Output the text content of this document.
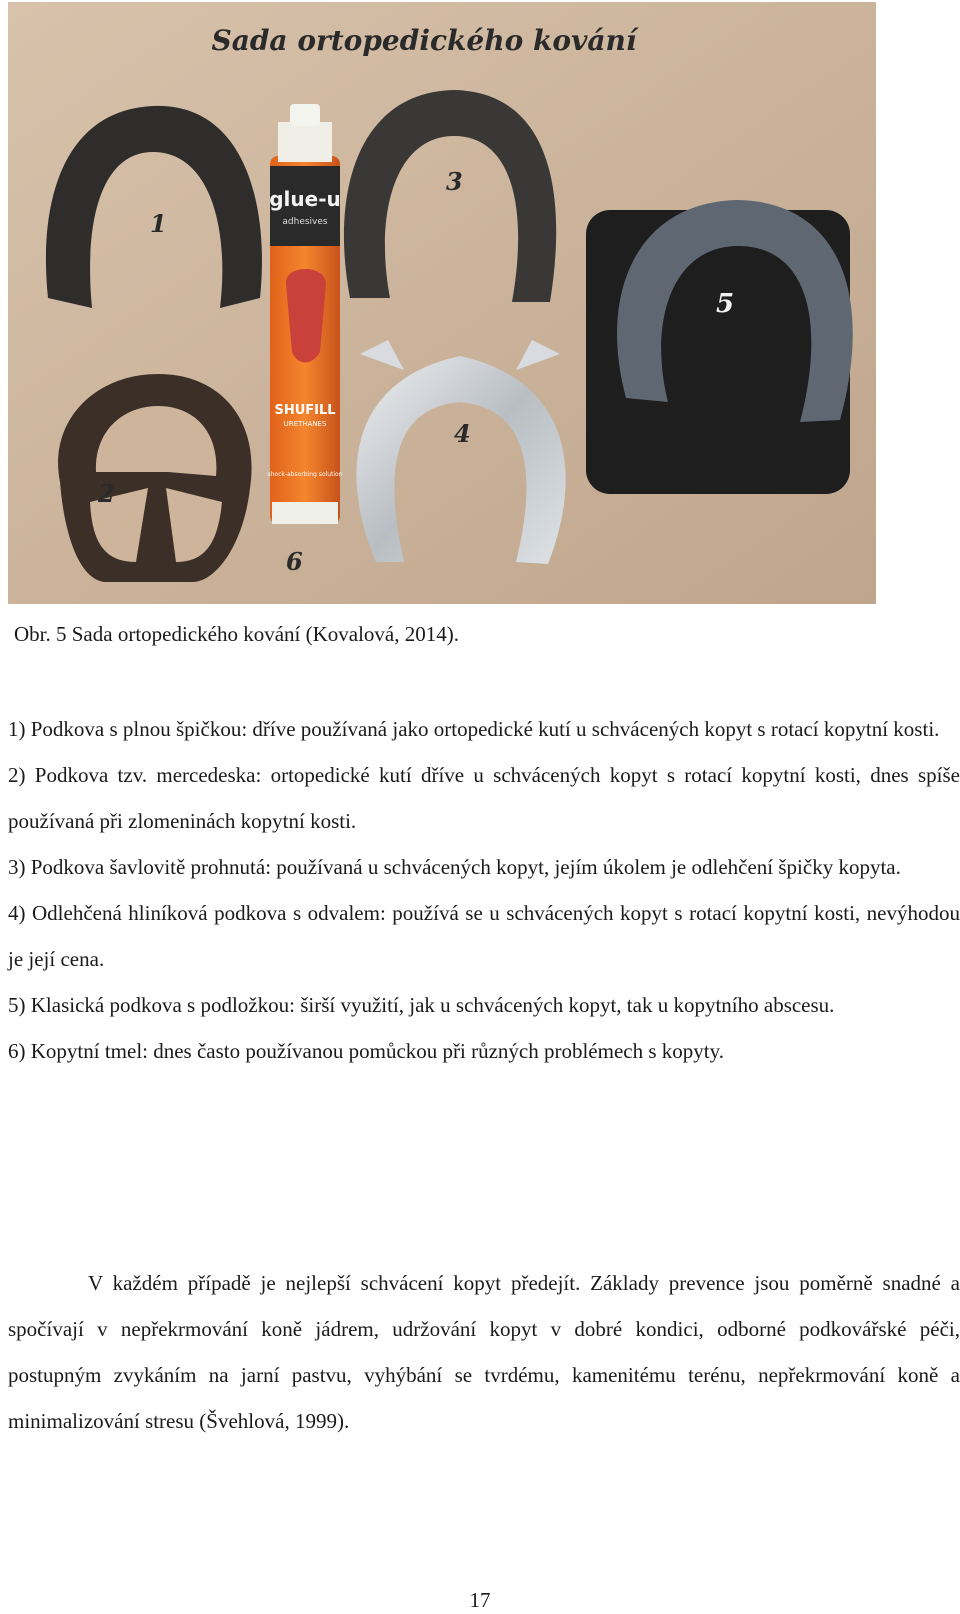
Sada ortopedického kování
glue-u
adhesives
SHUFILL
URETHANES
shock-absorbing solution
1
2
3
4
6
5

Obr. 5 Sada ortopedického kování (Kovalová, 2014).

1) Podkova s plnou špičkou: dříve používaná jako ortopedické kutí u schvácených kopyt s rotací kopytní kosti.
2) Podkova tzv. mercedeska: ortopedické kutí dříve u schvácených kopyt s rotací kopytní kosti, dnes spíše používaná při zlomeninách kopytní kosti.
3) Podkova šavlovitě prohnutá: používaná u schvácených kopyt, jejím úkolem je odlehčení špičky kopyta.
4) Odlehčená hliníková podkova s odvalem: používá se u schvácených kopyt s rotací kopytní kosti, nevýhodou je její cena.
5) Klasická podkova s podložkou: širší využití, jak u schvácených kopyt, tak u kopytního abscesu.
6) Kopytní tmel: dnes často používanou pomůckou při různých problémech s kopyty.

V každém případě je nejlepší schvácení kopyt předejít. Základy prevence jsou poměrně snadné a spočívají v nepřekrmování koně jádrem, udržování kopyt v dobré kondici, odborné podkovářské péči, postupným zvykáním na jarní pastvu, vyhýbání se tvrdému, kamenitému terénu, nepřekrmování koně a minimalizování stresu (Švehlová, 1999).

17
